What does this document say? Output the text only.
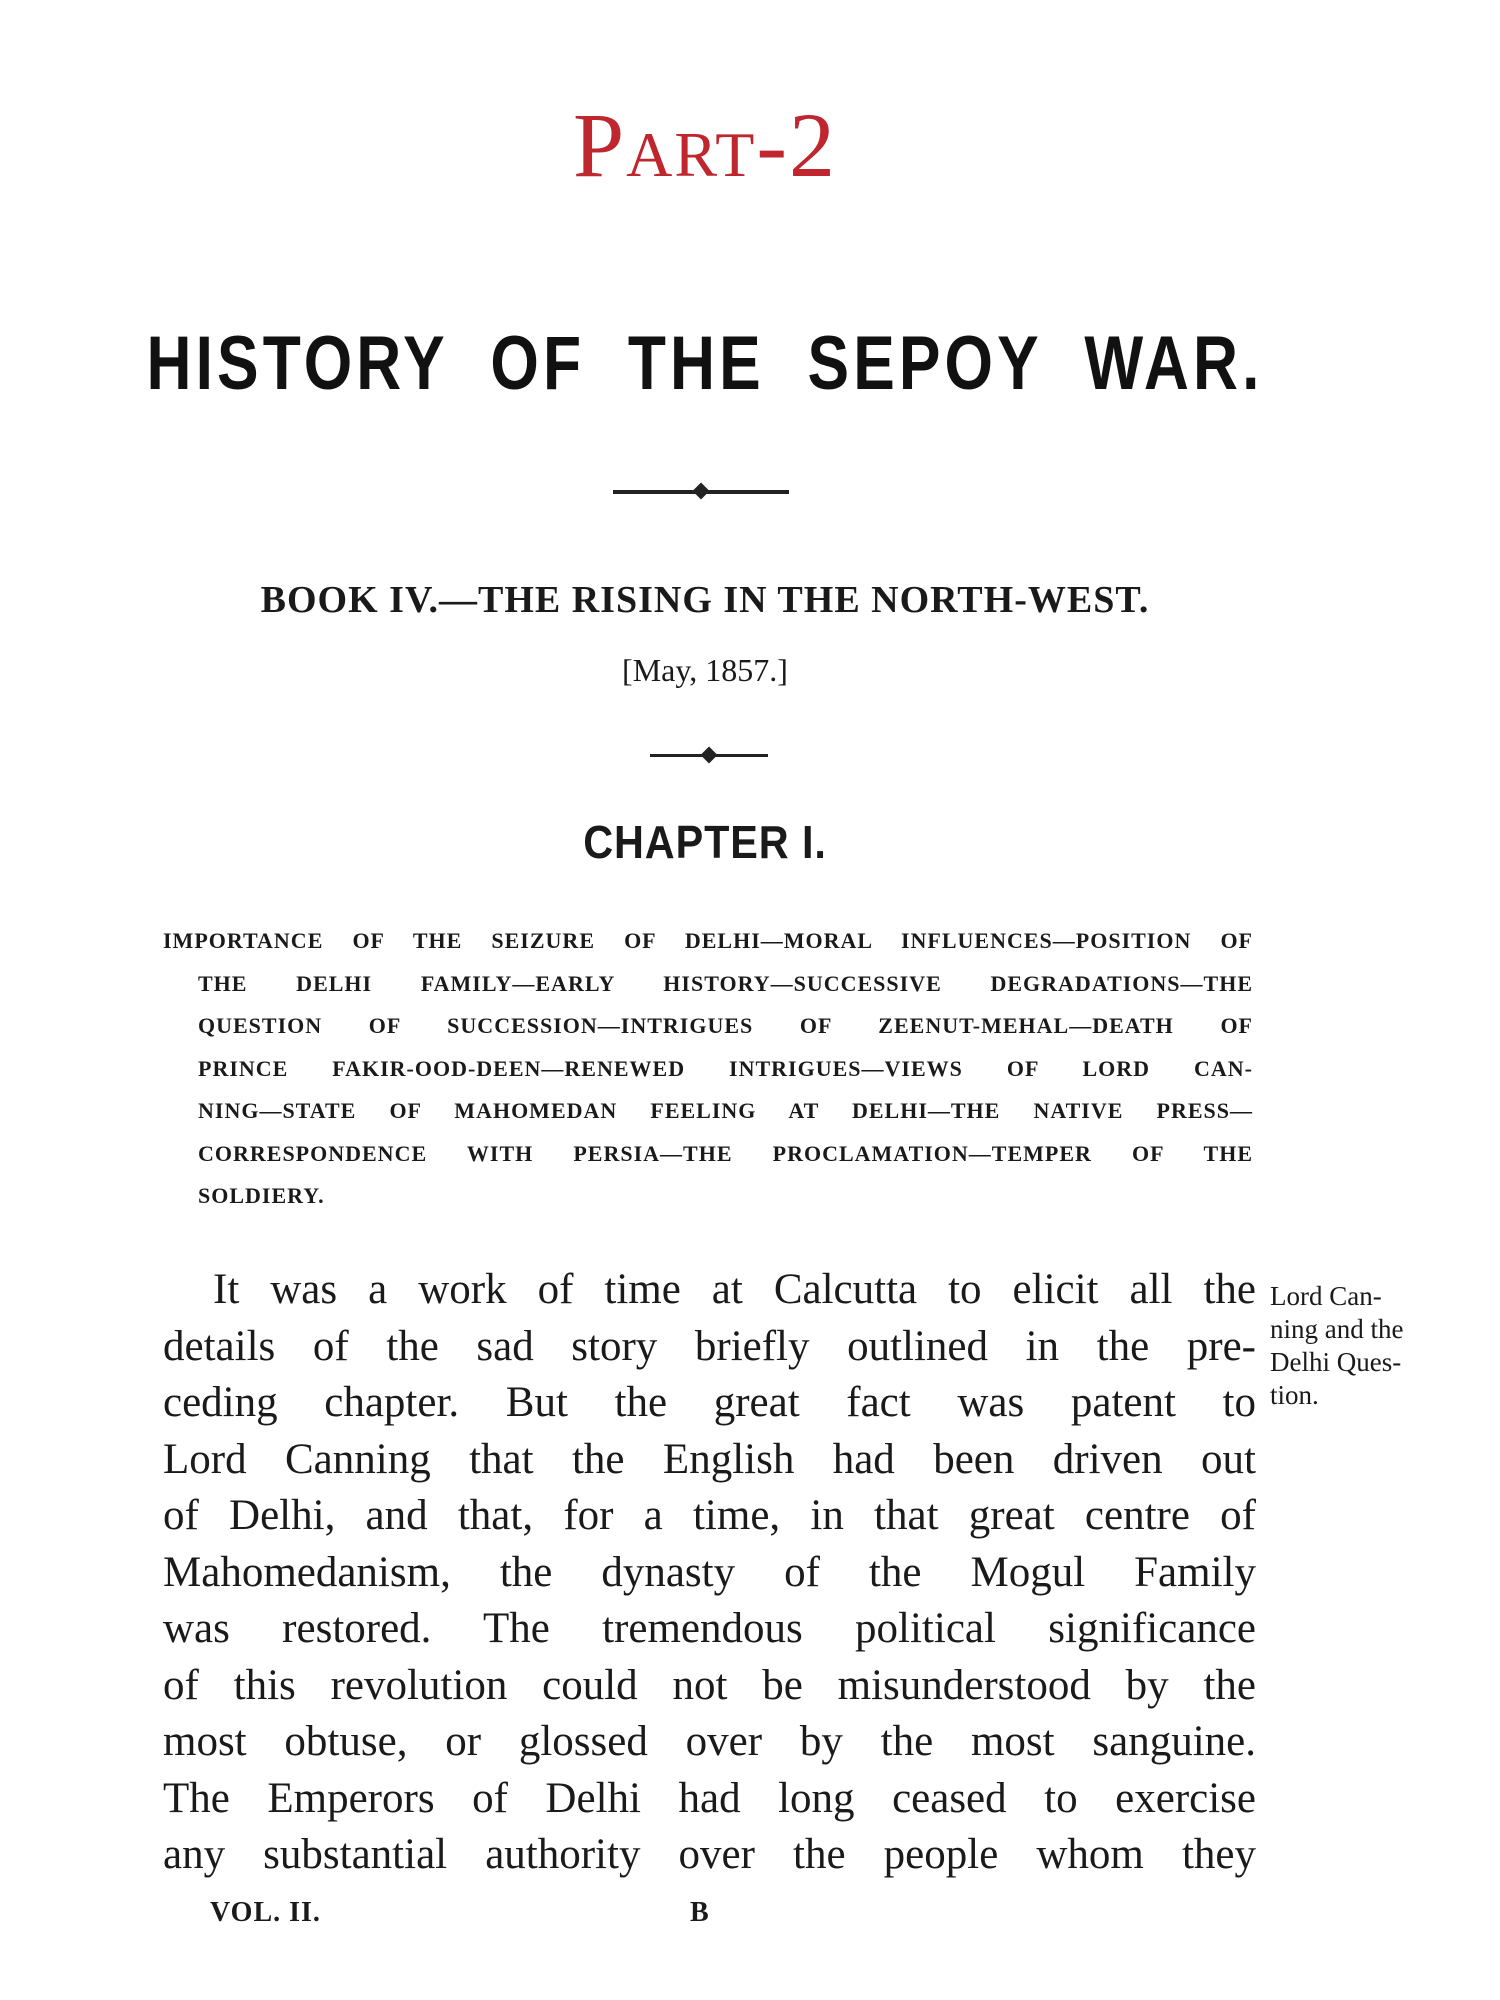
Part-2
HISTORY OF THE SEPOY WAR.
BOOK IV.—THE RISING IN THE NORTH-WEST.
[May, 1857.]
CHAPTER I.
IMPORTANCE OF THE SEIZURE OF DELHI—MORAL INFLUENCES—POSITION OF
THE DELHI FAMILY—EARLY HISTORY—SUCCESSIVE DEGRADATIONS—THE
QUESTION OF SUCCESSION—INTRIGUES OF ZEENUT-MEHAL—DEATH OF
PRINCE FAKIR-OOD-DEEN—RENEWED INTRIGUES—VIEWS OF LORD CAN-
NING—STATE OF MAHOMEDAN FEELING AT DELHI—THE NATIVE PRESS—
CORRESPONDENCE WITH PERSIA—THE PROCLAMATION—TEMPER OF THE
SOLDIERY.
It was a work of time at Calcutta to elicit all the
details of the sad story briefly outlined in the pre-
ceding chapter. But the great fact was patent to
Lord Canning that the English had been driven out
of Delhi, and that, for a time, in that great centre of
Mahomedanism, the dynasty of the Mogul Family
was restored. The tremendous political significance
of this revolution could not be misunderstood by the
most obtuse, or glossed over by the most sanguine.
The Emperors of Delhi had long ceased to exercise
any substantial authority over the people whom they
Lord Can-
ning and the
Delhi Ques-
tion.
VOL. II.	B
